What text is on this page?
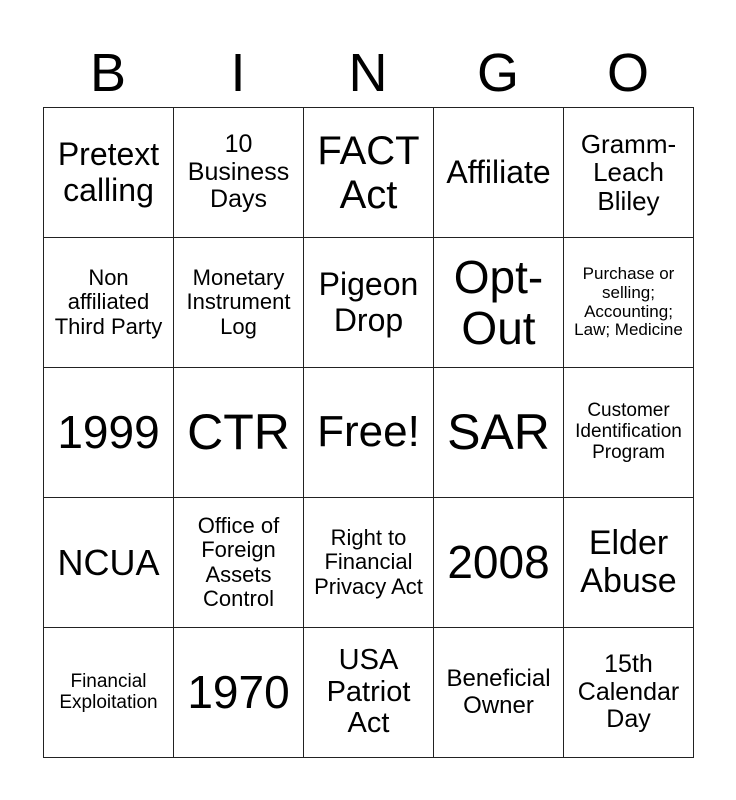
B	I	N	G	O
Pretext calling	10 Business Days	FACT Act	Affiliate	Gramm-Leach Bliley
Non affiliated Third Party	Monetary Instrument Log	Pigeon Drop	Opt-Out	Purchase or selling; Accounting; Law; Medicine
1999	CTR	Free!	SAR	Customer Identification Program
NCUA	Office of Foreign Assets Control	Right to Financial Privacy Act	2008	Elder Abuse
Financial Exploitation	1970	USA Patriot Act	Beneficial Owner	15th Calendar Day
